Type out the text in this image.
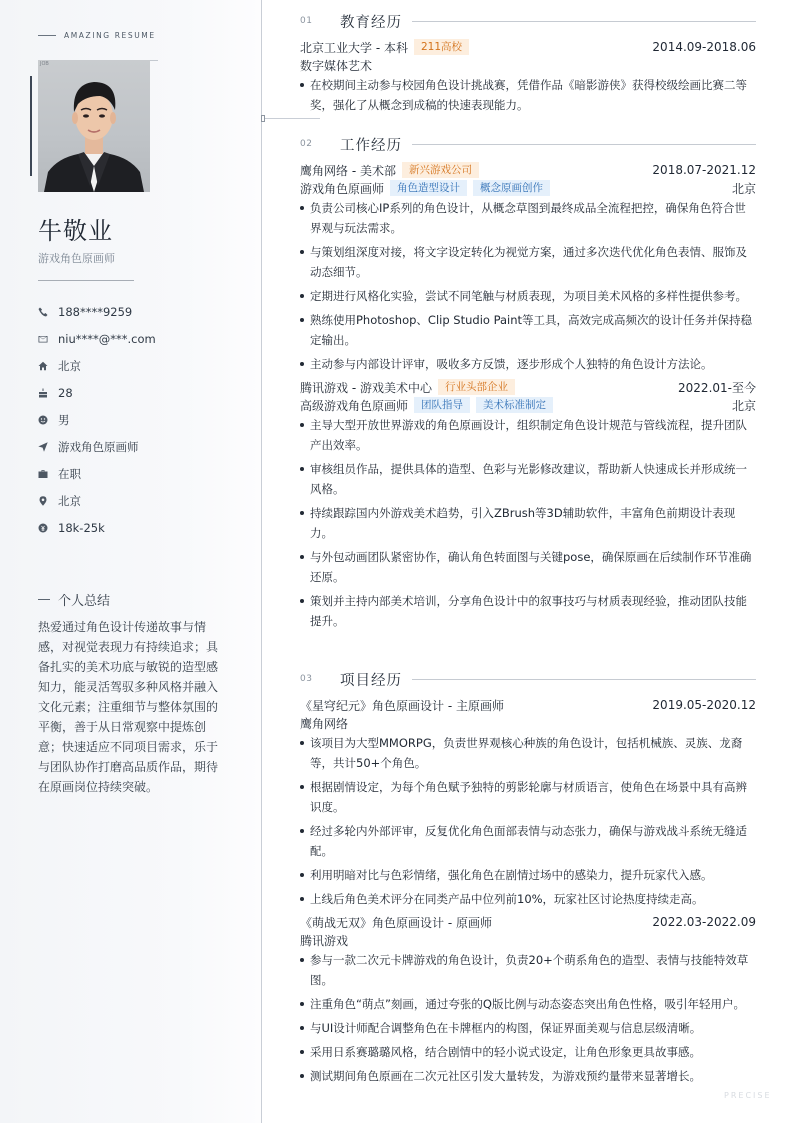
AMAZING RESUME
JOB
牛敬业
游戏角色原画师
188****9259
niu****@***.com
北京
28
男
游戏角色原画师
在职
北京
18k-25k
个人总结

热爱通过角色设计传递故事与情感，对视觉表现力有持续追求；具备扎实的美术功底与敏锐的造型感知力，能灵活驾驭多种风格并融入文化元素；注重细节与整体氛围的平衡，善于从日常观察中提炼创意；快速适应不同项目需求，乐于与团队协作打磨高品质作品，期待在原画岗位持续突破。

01	教育经历
北京工业大学 - 本科	211高校	2014.09-2018.06
数字媒体艺术
在校期间主动参与校园角色设计挑战赛，凭借作品《暗影游侠》获得校级绘画比赛二等奖，强化了从概念到成稿的快速表现能力。
02	工作经历
鹰角网络 - 美术部	新兴游戏公司	2018.07-2021.12
游戏角色原画师	角色造型设计	概念原画创作	北京
负责公司核心IP系列的角色设计，从概念草图到最终成品全流程把控，确保角色符合世界观与玩法需求。
与策划组深度对接，将文字设定转化为视觉方案，通过多次迭代优化角色表情、服饰及动态细节。
定期进行风格化实验，尝试不同笔触与材质表现，为项目美术风格的多样性提供参考。
熟练使用Photoshop、Clip Studio Paint等工具，高效完成高频次的设计任务并保持稳定输出。
主动参与内部设计评审，吸收多方反馈，逐步形成个人独特的角色设计方法论。
腾讯游戏 - 游戏美术中心	行业头部企业	2022.01-至今
高级游戏角色原画师	团队指导	美术标准制定	北京
主导大型开放世界游戏的角色原画设计，组织制定角色设计规范与管线流程，提升团队产出效率。
审核组员作品，提供具体的造型、色彩与光影修改建议，帮助新人快速成长并形成统一风格。
持续跟踪国内外游戏美术趋势，引入ZBrush等3D辅助软件，丰富角色前期设计表现力。
与外包动画团队紧密协作，确认角色转面图与关键pose，确保原画在后续制作环节准确还原。
策划并主持内部美术培训，分享角色设计中的叙事技巧与材质表现经验，推动团队技能提升。
03	项目经历
《星穹纪元》角色原画设计 - 主原画师	2019.05-2020.12
鹰角网络
该项目为大型MMORPG，负责世界观核心种族的角色设计，包括机械族、灵族、龙裔等，共计50+个角色。
根据剧情设定，为每个角色赋予独特的剪影轮廓与材质语言，使角色在场景中具有高辨识度。
经过多轮内外部评审，反复优化角色面部表情与动态张力，确保与游戏战斗系统无缝适配。
利用明暗对比与色彩情绪，强化角色在剧情过场中的感染力，提升玩家代入感。
上线后角色美术评分在同类产品中位列前10%，玩家社区讨论热度持续走高。
《萌战无双》角色原画设计 - 原画师	2022.03-2022.09
腾讯游戏
参与一款二次元卡牌游戏的角色设计，负责20+个萌系角色的造型、表情与技能特效草图。
注重角色“萌点”刻画，通过夸张的Q版比例与动态姿态突出角色性格，吸引年轻用户。
与UI设计师配合调整角色在卡牌框内的构图，保证界面美观与信息层级清晰。
采用日系赛璐璐风格，结合剧情中的轻小说式设定，让角色形象更具故事感。
测试期间角色原画在二次元社区引发大量转发，为游戏预约量带来显著增长。
PRECISE
